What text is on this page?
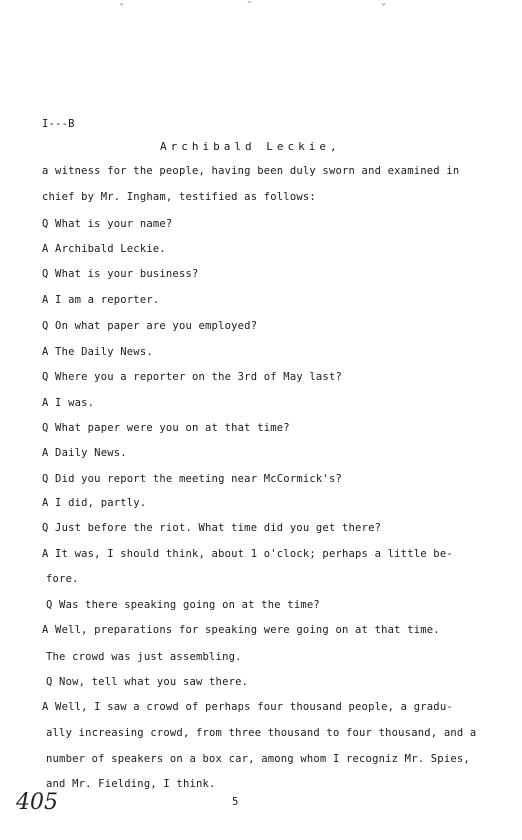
ˇ	ˉ	ˇ
I---B
Archibald Leckie,
a witness for the people, having been duly sworn and examined in
chief by Mr. Ingham, testified as follows:
Q What is your name?
A Archibald Leckie.
Q What is your business?
A I am a reporter.
Q On what paper are you employed?
A The Daily News.
Q Where you a reporter on the 3rd of May last?
A I was.
Q What paper were you on at that time?
A Daily News.
Q Did you report the meeting near McCormick's?
A I did, partly.
Q Just before the riot. What time did you get there?
A It was, I should think, about 1 o'clock; perhaps a little be-
fore.
Q Was there speaking going on at the time?
A Well, preparations for speaking were going on at that time.
The crowd was just assembling.
Q Now, tell what you saw there.
A Well, I saw a crowd of perhaps four thousand people, a gradu-
ally increasing crowd, from three thousand to four thousand, and a
number of speakers on a box car, among whom I recogniz Mr. Spies,
and Mr. Fielding, I think.
405	5
